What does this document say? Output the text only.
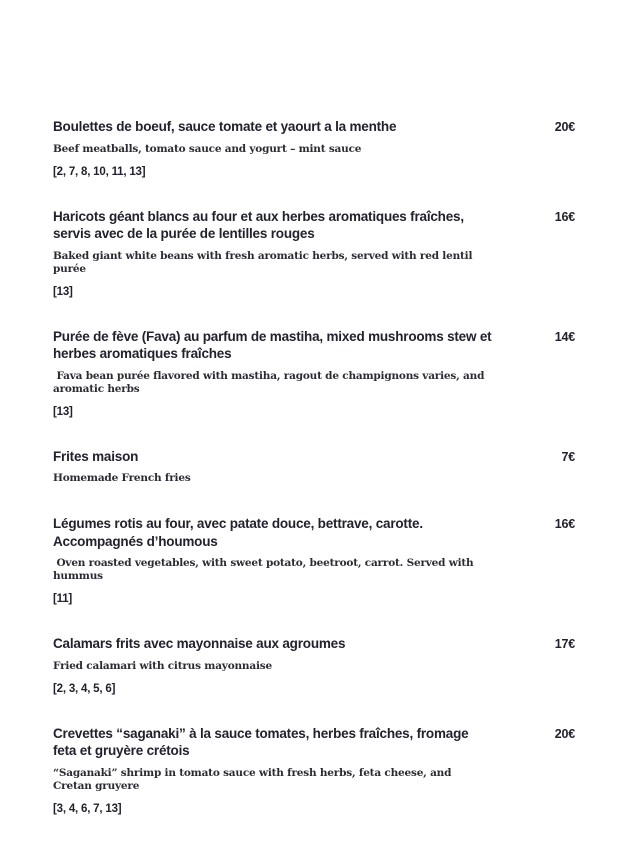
Boulettes de boeuf, sauce tomate et yaourt a la menthe
Beef meatballs, tomato sauce and yogurt – mint sauce
[2, 7, 8, 10, 11, 13]
20€
Haricots géant blancs au four et aux herbes aromatiques fraîches, servis avec de la purée de lentilles rouges
Baked giant white beans with fresh aromatic herbs, served with red lentil purée
[13]
16€
Purée de fève (Fava) au parfum de mastiha, mixed mushrooms stew et herbes aromatiques fraîches
Fava bean purée flavored with mastiha, ragout de champignons varies, and aromatic herbs
[13]
14€
Frites maison
Homemade French fries
7€
Légumes rotis au four, avec patate douce, bettrave, carotte. Accompagnés d’houmous
Oven roasted vegetables, with sweet potato, beetroot, carrot. Served with hummus
[11]
16€
Calamars frits avec mayonnaise aux agroumes
Fried calamari with citrus mayonnaise
[2, 3, 4, 5, 6]
17€
Crevettes “saganaki” à la sauce tomates, herbes fraîches, fromage feta et gruyère crétois
“Saganaki” shrimp in tomato sauce with fresh herbs, feta cheese, and Cretan gruyere
[3, 4, 6, 7, 13]
20€
